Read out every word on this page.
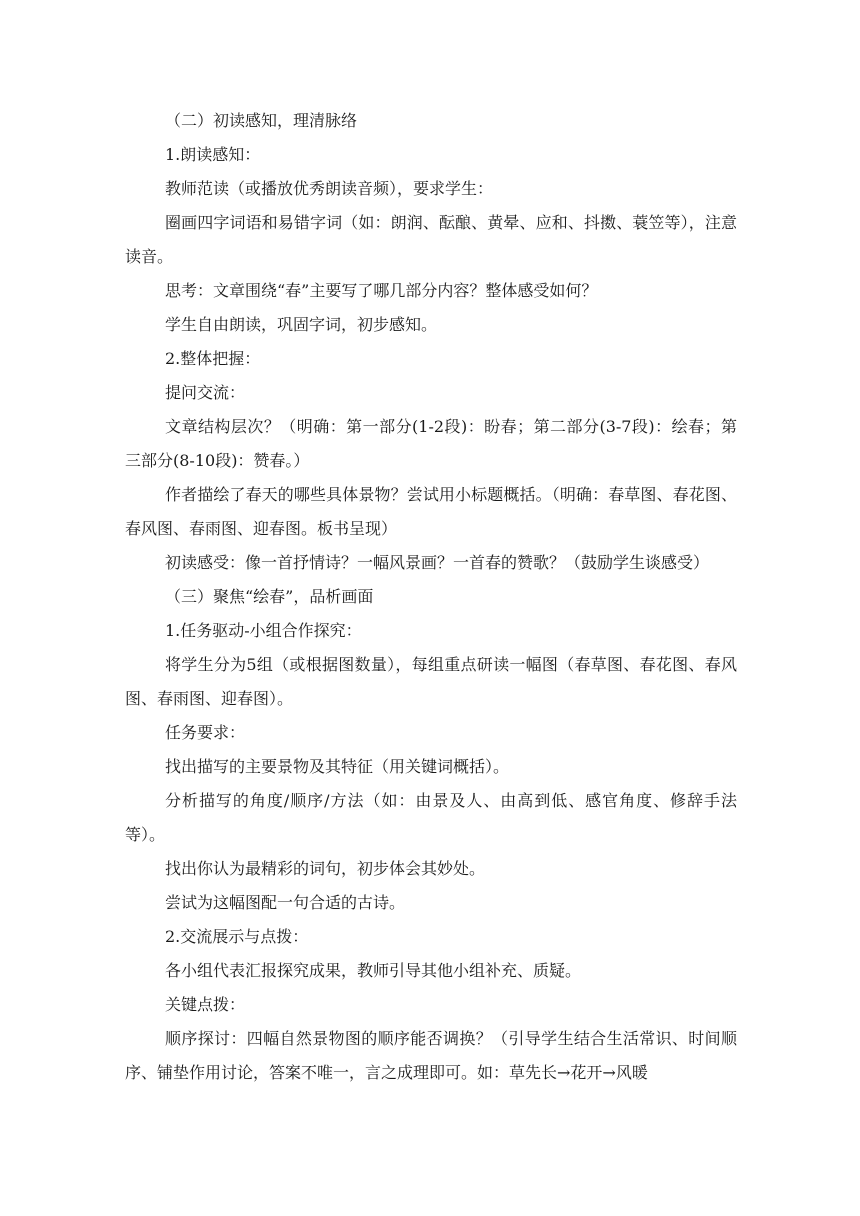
（二）初读感知，理清脉络

1.朗读感知：

教师范读（或播放优秀朗读音频），要求学生：

圈画四字词语和易错字词（如：朗润、酝酿、黄晕、应和、抖擞、蓑笠等），注意读音。

思考：文章围绕“春”主要写了哪几部分内容？整体感受如何？

学生自由朗读，巩固字词，初步感知。

2.整体把握：

提问交流：

文章结构层次？（明确：第一部分(1-2段)：盼春；第二部分(3-7段)：绘春；第三部分(8-10段)：赞春。）

作者描绘了春天的哪些具体景物？尝试用小标题概括。（明确：春草图、春花图、春风图、春雨图、迎春图。板书呈现）

初读感受：像一首抒情诗？一幅风景画？一首春的赞歌？（鼓励学生谈感受）

（三）聚焦“绘春”，品析画面

1.任务驱动-小组合作探究：

将学生分为5组（或根据图数量），每组重点研读一幅图（春草图、春花图、春风图、春雨图、迎春图）。

任务要求：

找出描写的主要景物及其特征（用关键词概括）。

分析描写的角度/顺序/方法（如：由景及人、由高到低、感官角度、修辞手法等）。

找出你认为最精彩的词句，初步体会其妙处。

尝试为这幅图配一句合适的古诗。

2.交流展示与点拨：

各小组代表汇报探究成果，教师引导其他小组补充、质疑。

关键点拨：

顺序探讨：四幅自然景物图的顺序能否调换？（引导学生结合生活常识、时间顺序、铺垫作用讨论，答案不唯一，言之成理即可。如：草先长→花开→风暖
